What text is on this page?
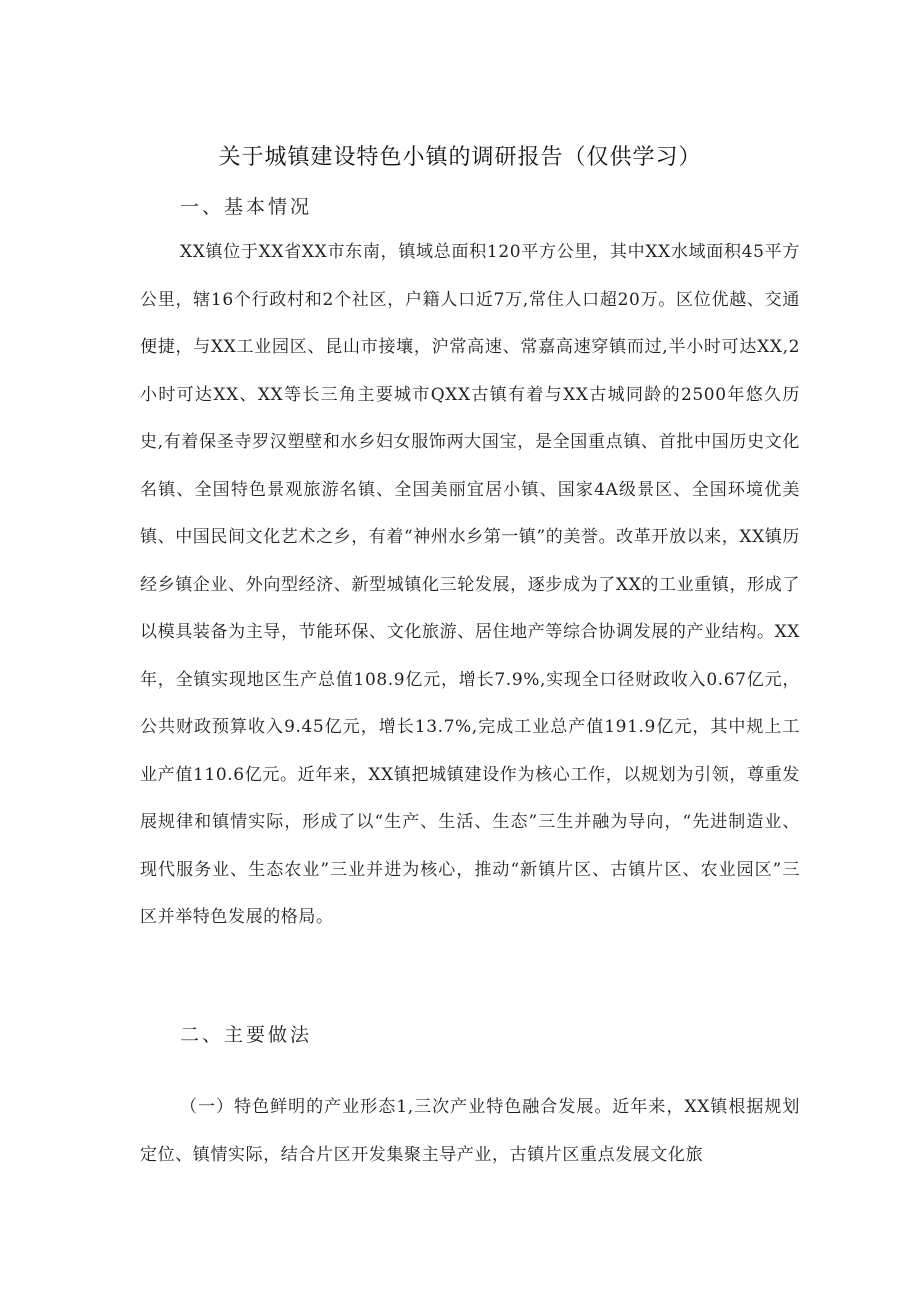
关于城镇建设特色小镇的调研报告（仅供学习）
一、基本情况
XX镇位于XX省XX市东南，镇域总面积120平方公里，其中XX水域面积45平方公里，辖16个行政村和2个社区，户籍人口近7万,常住人口超20万。区位优越、交通便捷，与XX工业园区、昆山市接壤，沪常高速、常嘉高速穿镇而过,半小时可达XX,2小时可达XX、XX等长三角主要城市QXX古镇有着与XX古城同龄的2500年悠久历史,有着保圣寺罗汉塑壁和水乡妇女服饰两大国宝，是全国重点镇、首批中国历史文化名镇、全国特色景观旅游名镇、全国美丽宜居小镇、国家4A级景区、全国环境优美镇、中国民间文化艺术之乡，有着“神州水乡第一镇”的美誉。改革开放以来，XX镇历经乡镇企业、外向型经济、新型城镇化三轮发展，逐步成为了XX的工业重镇，形成了以模具装备为主导，节能环保、文化旅游、居住地产等综合协调发展的产业结构。XX年，全镇实现地区生产总值108.9亿元，增长7.9%,实现全口径财政收入0.67亿元，公共财政预算收入9.45亿元，增长13.7%,完成工业总产值191.9亿元，其中规上工业产值110.6亿元。近年来，XX镇把城镇建设作为核心工作，以规划为引领，尊重发展规律和镇情实际，形成了以“生产、生活、生态”三生并融为导向，“先进制造业、现代服务业、生态农业”三业并进为核心，推动“新镇片区、古镇片区、农业园区”三区并举特色发展的格局。
二、主要做法
（一）特色鲜明的产业形态1,三次产业特色融合发展。近年来，XX镇根据规划定位、镇情实际，结合片区开发集聚主导产业，古镇片区重点发展文化旅
